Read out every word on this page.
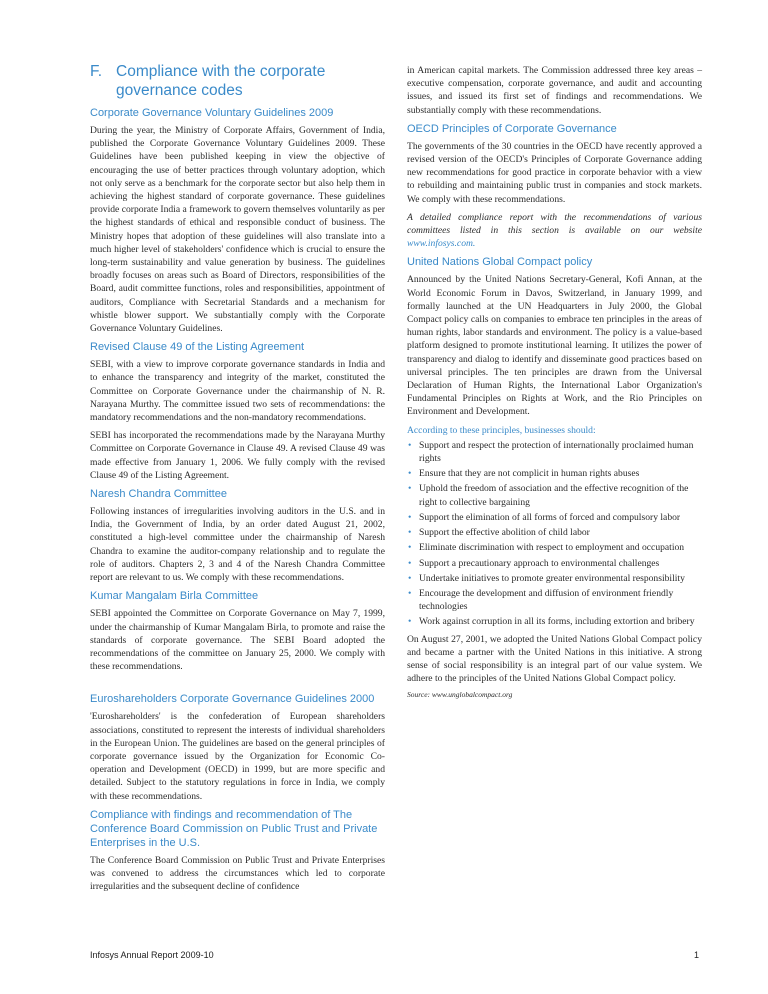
F. Compliance with the corporate governance codes
Corporate Governance Voluntary Guidelines 2009

During the year, the Ministry of Corporate Affairs, Government of India, published the Corporate Governance Voluntary Guidelines 2009. These Guidelines have been published keeping in view the objective of encouraging the use of better practices through voluntary adoption, which not only serve as a benchmark for the corporate sector but also help them in achieving the highest standard of corporate governance. These guidelines provide corporate India a framework to govern themselves voluntarily as per the highest standards of ethical and responsible conduct of business. The Ministry hopes that adoption of these guidelines will also translate into a much higher level of stakeholders' confidence which is crucial to ensure the long-term sustainability and value generation by business. The guidelines broadly focuses on areas such as Board of Directors, responsibilities of the Board, audit committee functions, roles and responsibilities, appointment of auditors, Compliance with Secretarial Standards and a mechanism for whistle blower support. We substantially comply with the Corporate Governance Voluntary Guidelines.

Revised Clause 49 of the Listing Agreement

SEBI, with a view to improve corporate governance standards in India and to enhance the transparency and integrity of the market, constituted the Committee on Corporate Governance under the chairmanship of N. R. Narayana Murthy. The committee issued two sets of recommendations: the mandatory recommendations and the non-mandatory recommendations.

SEBI has incorporated the recommendations made by the Narayana Murthy Committee on Corporate Governance in Clause 49. A revised Clause 49 was made effective from January 1, 2006. We fully comply with the revised Clause 49 of the Listing Agreement.

Naresh Chandra Committee

Following instances of irregularities involving auditors in the U.S. and in India, the Government of India, by an order dated August 21, 2002, constituted a high-level committee under the chairmanship of Naresh Chandra to examine the auditor-company relationship and to regulate the role of auditors. Chapters 2, 3 and 4 of the Naresh Chandra Committee report are relevant to us. We comply with these recommendations.

Kumar Mangalam Birla Committee

SEBI appointed the Committee on Corporate Governance on May 7, 1999, under the chairmanship of Kumar Mangalam Birla, to promote and raise the standards of corporate governance. The SEBI Board adopted the recommendations of the committee on January 25, 2000. We comply with these recommendations.

Euroshareholders Corporate Governance Guidelines 2000

'Euroshareholders' is the confederation of European shareholders associations, constituted to represent the interests of individual shareholders in the European Union. The guidelines are based on the general principles of corporate governance issued by the Organization for Economic Co-operation and Development (OECD) in 1999, but are more specific and detailed. Subject to the statutory regulations in force in India, we comply with these recommendations.

Compliance with findings and recommendation of The Conference Board Commission on Public Trust and Private Enterprises in the U.S.

The Conference Board Commission on Public Trust and Private Enterprises was convened to address the circumstances which led to corporate irregularities and the subsequent decline of confidence

in American capital markets. The Commission addressed three key areas – executive compensation, corporate governance, and audit and accounting issues, and issued its first set of findings and recommendations. We substantially comply with these recommendations.

OECD Principles of Corporate Governance

The governments of the 30 countries in the OECD have recently approved a revised version of the OECD's Principles of Corporate Governance adding new recommendations for good practice in corporate behavior with a view to rebuilding and maintaining public trust in companies and stock markets. We comply with these recommendations.

A detailed compliance report with the recommendations of various committees listed in this section is available on our website www.infosys.com.

United Nations Global Compact policy

Announced by the United Nations Secretary-General, Kofi Annan, at the World Economic Forum in Davos, Switzerland, in January 1999, and formally launched at the UN Headquarters in July 2000, the Global Compact policy calls on companies to embrace ten principles in the areas of human rights, labor standards and environment. The policy is a value-based platform designed to promote institutional learning. It utilizes the power of transparency and dialog to identify and disseminate good practices based on universal principles. The ten principles are drawn from the Universal Declaration of Human Rights, the International Labor Organization's Fundamental Principles on Rights at Work, and the Rio Principles on Environment and Development.

According to these principles, businesses should:
• Support and respect the protection of internationally proclaimed human rights
• Ensure that they are not complicit in human rights abuses
• Uphold the freedom of association and the effective recognition of the right to collective bargaining
• Support the elimination of all forms of forced and compulsory labor
• Support the effective abolition of child labor
• Eliminate discrimination with respect to employment and occupation
• Support a precautionary approach to environmental challenges
• Undertake initiatives to promote greater environmental responsibility
• Encourage the development and diffusion of environment friendly technologies
• Work against corruption in all its forms, including extortion and bribery

On August 27, 2001, we adopted the United Nations Global Compact policy and became a partner with the United Nations in this initiative. A strong sense of social responsibility is an integral part of our value system. We adhere to the principles of the United Nations Global Compact policy.

Source: www.unglobalcompact.org
Infosys Annual Report 2009-10	1
